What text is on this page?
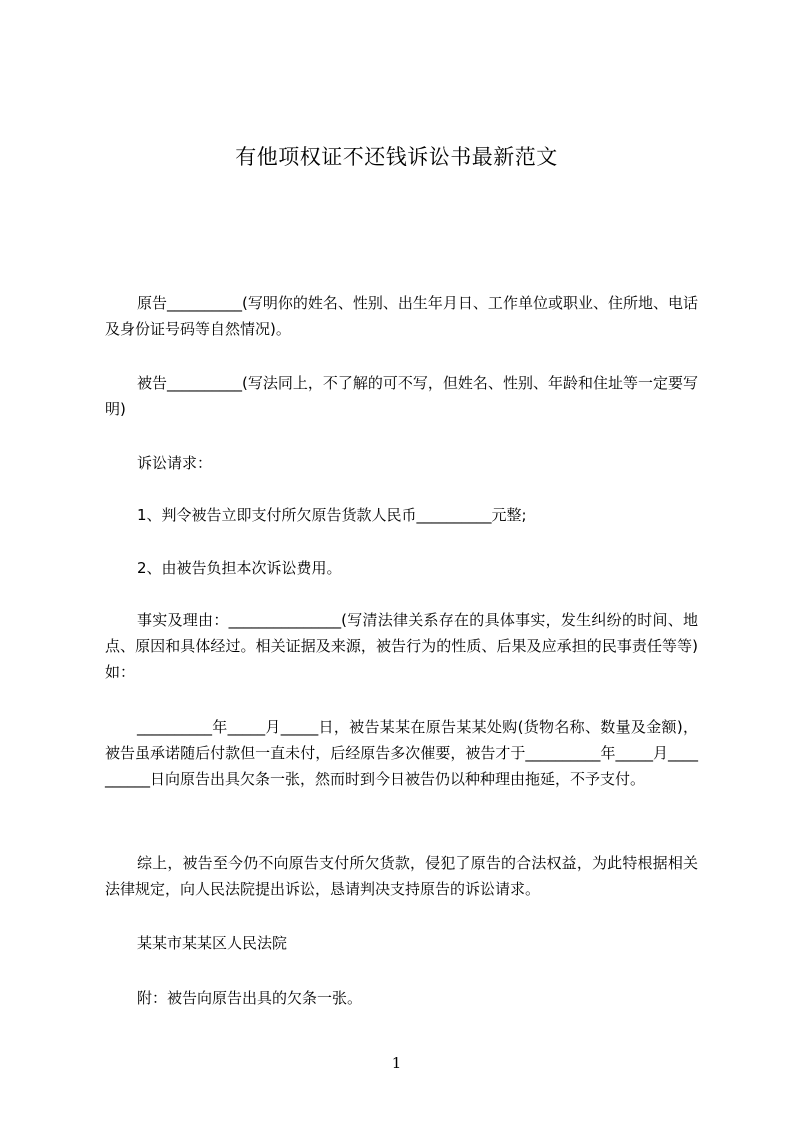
有他项权证不还钱诉讼书最新范文

原告__________(写明你的姓名、性别、出生年月日、工作单位或职业、住所地、电话及身份证号码等自然情况)。

被告__________(写法同上，不了解的可不写，但姓名、性别、年龄和住址等一定要写明)

诉讼请求：

1、判令被告立即支付所欠原告货款人民币__________元整;

2、由被告负担本次诉讼费用。

事实及理由：_______________(写清法律关系存在的具体事实，发生纠纷的时间、地点、原因和具体经过。相关证据及来源，被告行为的性质、后果及应承担的民事责任等等)如：

__________年_____月_____日，被告某某在原告某某处购(货物名称、数量及金额)，被告虽承诺随后付款但一直未付，后经原告多次催要，被告才于__________年_____月__________日向原告出具欠条一张，然而时到今日被告仍以种种理由拖延，不予支付。

综上，被告至今仍不向原告支付所欠货款，侵犯了原告的合法权益，为此特根据相关法律规定，向人民法院提出诉讼，恳请判决支持原告的诉讼请求。

某某市某某区人民法院

附：被告向原告出具的欠条一张。

1
